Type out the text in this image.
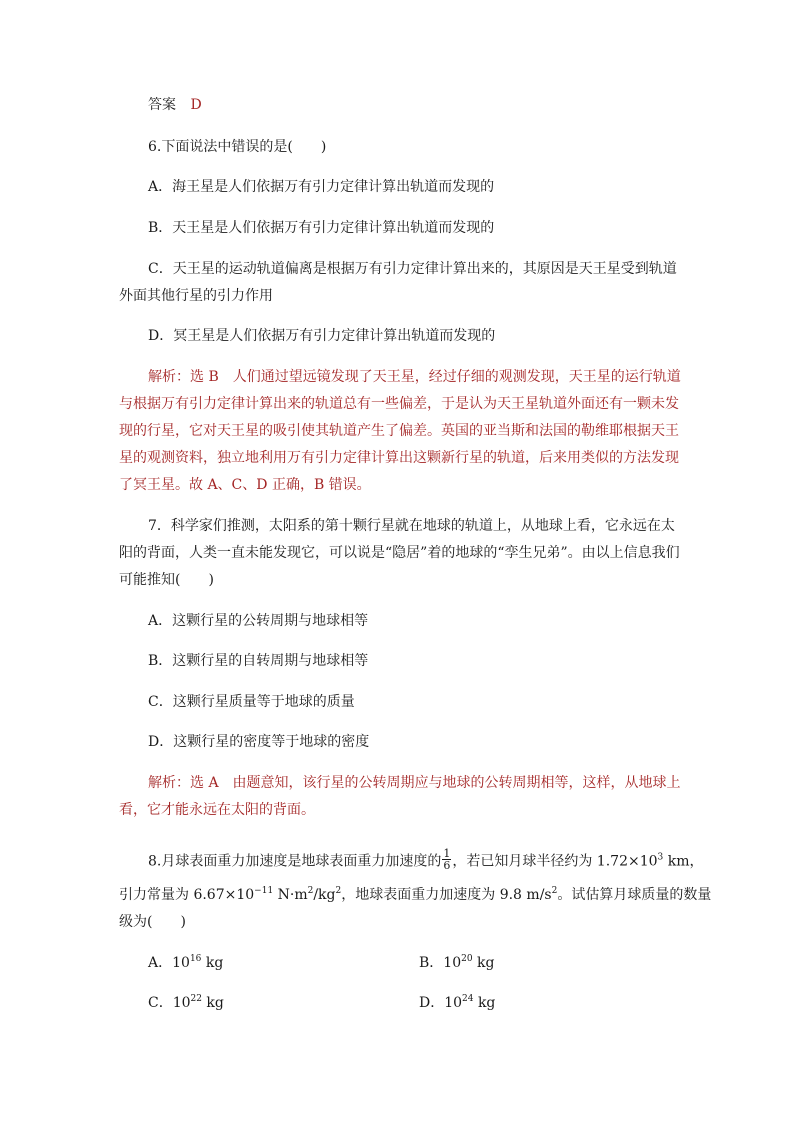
答案 D
6.下面说法中错误的是(　　)
A．海王星是人们依据万有引力定律计算出轨道而发现的
B．天王星是人们依据万有引力定律计算出轨道而发现的
C．天王星的运动轨道偏离是根据万有引力定律计算出来的，其原因是天王星受到轨道
外面其他行星的引力作用
D．冥王星是人们依据万有引力定律计算出轨道而发现的
解析：选 B　人们通过望远镜发现了天王星，经过仔细的观测发现，天王星的运行轨道
与根据万有引力定律计算出来的轨道总有一些偏差，于是认为天王星轨道外面还有一颗未发
现的行星，它对天王星的吸引使其轨道产生了偏差。英国的亚当斯和法国的勒维耶根据天王
星的观测资料，独立地利用万有引力定律计算出这颗新行星的轨道，后来用类似的方法发现
了冥王星。故 A、C、D 正确，B 错误。
7．科学家们推测，太阳系的第十颗行星就在地球的轨道上，从地球上看，它永远在太
阳的背面，人类一直未能发现它，可以说是“隐居”着的地球的“孪生兄弟”。由以上信息我们
可能推知(　　)
A．这颗行星的公转周期与地球相等
B．这颗行星的自转周期与地球相等
C．这颗行星质量等于地球的质量
D．这颗行星的密度等于地球的密度
解析：选 A　由题意知，该行星的公转周期应与地球的公转周期相等，这样，从地球上
看，它才能永远在太阳的背面。
8.月球表面重力加速度是地球表面重力加速度的 $\frac{1}{6}$ ，若已知月球半径约为 $1.72\times 10^3$ km，
引力常量为 $6.67\times 10^{-11}$ $N\cdot m^2/kg^2$，地球表面重力加速度为 9.8 $m/s^2$。试估算月球质量的数量
级为(　　)
A．$10^{16}$ kg	B．$10^{20}$ kg
C．$10^{22}$ kg	D．$10^{24}$ kg
